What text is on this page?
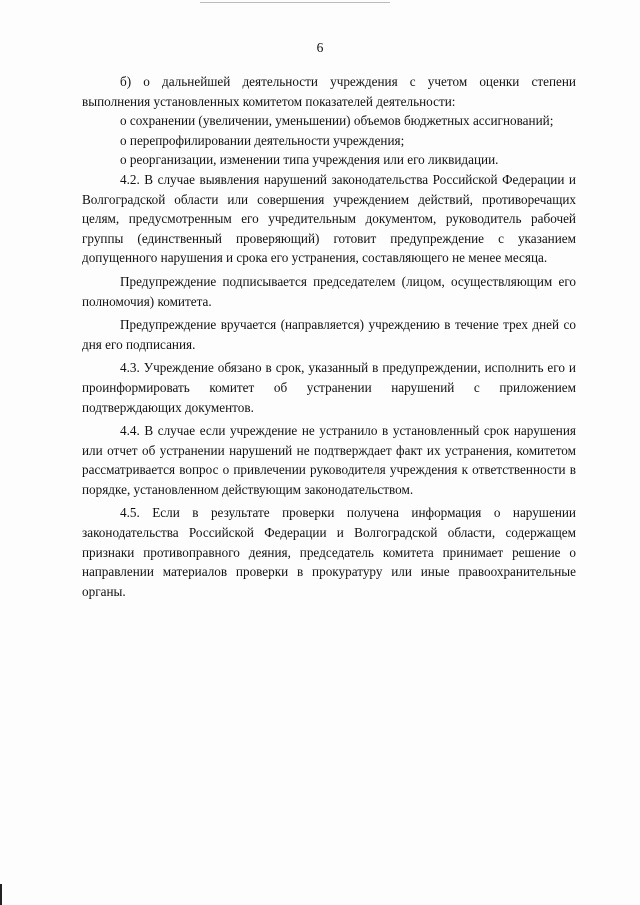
6

б) о дальнейшей деятельности учреждения с учетом оценки степени выполнения установленных комитетом показателей деятельности:

о сохранении (увеличении, уменьшении) объемов бюджетных ассигнований;

о перепрофилировании деятельности учреждения;

о реорганизации, изменении типа учреждения или его ликвидации.

4.2. В случае выявления нарушений законодательства Российской Федерации и Волгоградской области или совершения учреждением действий, противоречащих целям, предусмотренным его учредительным документом, руководитель рабочей группы (единственный проверяющий) готовит предупреждение с указанием допущенного нарушения и срока его устранения, составляющего не менее месяца.

Предупреждение подписывается председателем (лицом, осуществляющим его полномочия) комитета.

Предупреждение вручается (направляется) учреждению в течение трех дней со дня его подписания.

4.3. Учреждение обязано в срок, указанный в предупреждении, исполнить его и проинформировать комитет об устранении нарушений с приложением подтверждающих документов.

4.4. В случае если учреждение не устранило в установленный срок нарушения или отчет об устранении нарушений не подтверждает факт их устранения, комитетом рассматривается вопрос о привлечении руководителя учреждения к ответственности в порядке, установленном действующим законодательством.

4.5. Если в результате проверки получена информация о нарушении законодательства Российской Федерации и Волгоградской области, содержащем признаки противоправного деяния, председатель комитета принимает решение о направлении материалов проверки в прокуратуру или иные правоохранительные органы.
